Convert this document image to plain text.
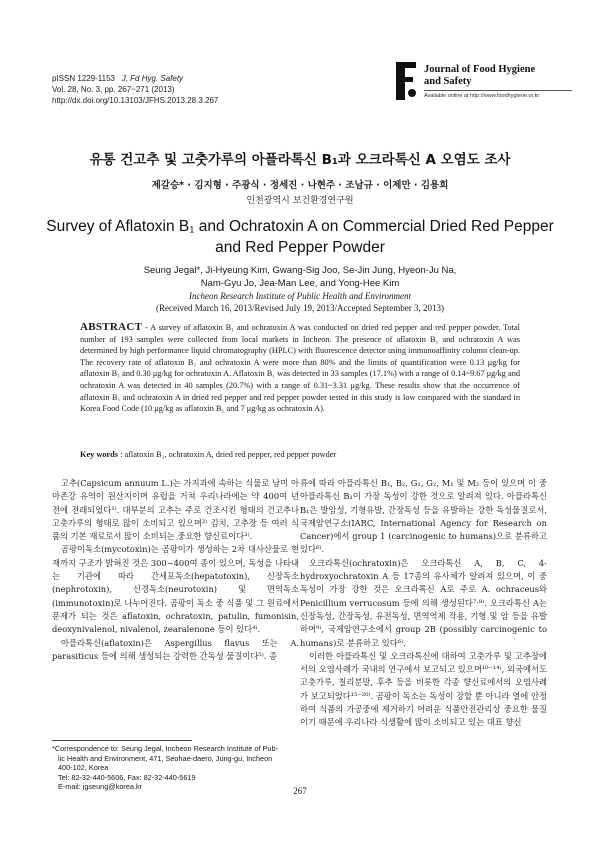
pISSN 1229-1153 J. Fd Hyg. Safety
Vol. 28, No. 3, pp. 267~271 (2013)
http://dx.doi.org/10.13103/JFHS.2013.28.3.267
Journal of Food Hygiene
and Safety
Available online at http://www.foodhygiene.or.kr
유통 건고추 및 고춧가루의 아플라톡신 B₁과 오크라톡신 A 오염도 조사
제갈승* · 김지형 · 주광식 · 정세진 · 나현주 · 조남규 · 이제만 · 김용희
인천광역시 보건환경연구원
Survey of Aflatoxin B₁ and Ochratoxin A on Commercial Dried Red Pepper
and Red Pepper Powder
Seung Jegal*, Ji-Hyeung Kim, Gwang-Sig Joo, Se-Jin Jung, Hyeon-Ju Na,
Nam-Gyu Jo, Jea-Man Lee, and Yong-Hee Kim
Incheon Research Institute of Public Health and Environment
(Received March 16, 2013/Revised July 19, 2013/Accepted September 3, 2013)
ABSTRACT - A survey of aflatoxin B₁ and ochratoxin A was conducted on dried red pepper and red pepper powder. Total number of 193 samples were collected from local markets in Incheon. The presence of aflatoxin B₁ and ochratoxin A was determined by high performance liquid chromatography (HPLC) with fluorescence detector using immunoaffinity column clean-up. The recovery rate of aflatoxin B₁ and ochratoxin A were more than 80% and the limits of quantification were 0.13 μg/kg for aflatoxin B₁ and 0.30 μg/kg for ochratoxin A. Aflatoxin B₁ was detected in 33 samples (17.1%) with a range of 0.14~9.67 μg/kg and ochratoxin A was detected in 40 samples (20.7%) with a range of 0.31~3.31 μg/kg. These results show that the occurrence of aflatoxin B₁ and ochratoxin A in dried red pepper and red pepper powder tested in this study is low compared with the standard in Korea Food Code (10 μg/kg as aflatoxin B₁ and 7 μg/kg as ochratoxin A).
Key words : aflatoxin B₁, ochratoxin A, dried red pepper, red pepper powder

고추(Capsicum annuum L.)는 가지과에 속하는 식물로 남미 아마존강 유역이 원산지이며 유럽을 거쳐 우리나라에는 약 400여 년 전에 전래되었다¹⁾. 대부분의 고추는 주로 건조시킨 형태의 건고추나 고춧가루의 형태로 많이 소비되고 있으며²⁾ 김치, 고추장 등 여러 식품의 기본 재료로서 많이 소비되는 중요한 향신료이다³⁾.

곰팡이독소(mycotoxin)는 곰팡이가 생성하는 2차 대사산물로 현재까지 구조가 밝혀진 것은 300~400여 종이 있으며, 독성을 나타내는 기관에 따라 간세포독소(hepatotoxin), 신장독소(nephrotoxin), 신경독소(neurotoxin) 및 면역독소(immunotoxin)로 나누어진다. 곰팡이 독소 중 식품 및 그 원료에서 문제가 되는 것은 aflatoxin, ochratoxin, patulin, fumonisin, deoxynivalenol, nivalenol, zearalenone 등이 있다⁴⁾.

아플라톡신(aflatoxin)은 Aspergillus flavus 또는 A. parasiticus 등에 의해 생성되는 강력한 간독성 물질이다⁵⁾. 종

류에 따라 아플라톡신 B₁, B₂, G₁, G₂, M₁ 및 M₂ 등이 있으며 이 중 아플라톡신 B₁이 가장 독성이 강한 것으로 알려져 있다. 아플라톡신 B₁은 발암성, 기형유발, 간장독성 등을 유발하는 강한 독성물질로서, 국제암연구소(IARC, International Agency for Research on Cancer)에서 group 1 (carcinogenic to humans)으로 분류하고 있다⁶⁾.

오크라톡신(ochratoxin)은 오크라톡신 A, B, C, 4-hydroxyochratoxin A 등 17종의 유사체가 알려져 있으며, 이 중 독성이 가장 강한 것은 오크라톡신 A로 주로 A. ochraceus와 Penicillium verrucosum 등에 의해 생성된다⁷·⁸⁾. 오크라톡신 A는 신장독성, 간장독성, 유전독성, 면역억제 작용, 기형 및 암 등을 유발하며⁹⁾, 국제암연구소에서 group 2B (possibly carcinogenic to humans)로 분류하고 있다⁶⁾.

이러한 아플라톡신 및 오크라톡신에 대하여 고춧가루 및 고추장에서의 오염사례가 국내의 연구에서 보고되고 있으며¹⁰⁻¹⁴⁾, 외국에서도 고춧가루, 칠리분말, 후추 등을 비롯한 각종 향신료에서의 오염사례가 보고되었다¹⁵⁻²⁰⁾. 곰팡이 독소는 독성이 강할 뿐 아니라 열에 안정하여 식품의 가공중에 제거하기 어려운 식품안전관리상 중요한 물질이기 때문에 우리나라 식생활에 많이 소비되고 있는 대표 향신

*Correspondence to: Seung Jegal, Incheon Research Institute of Pub-
lic Health and Environment, 471, Seohae-daero, Jung-gu, Incheon
400-102, Korea
Tel: 82-32-440-5606, Fax: 82-32-440-5619
E-mail: jgseung@korea.kr	267
